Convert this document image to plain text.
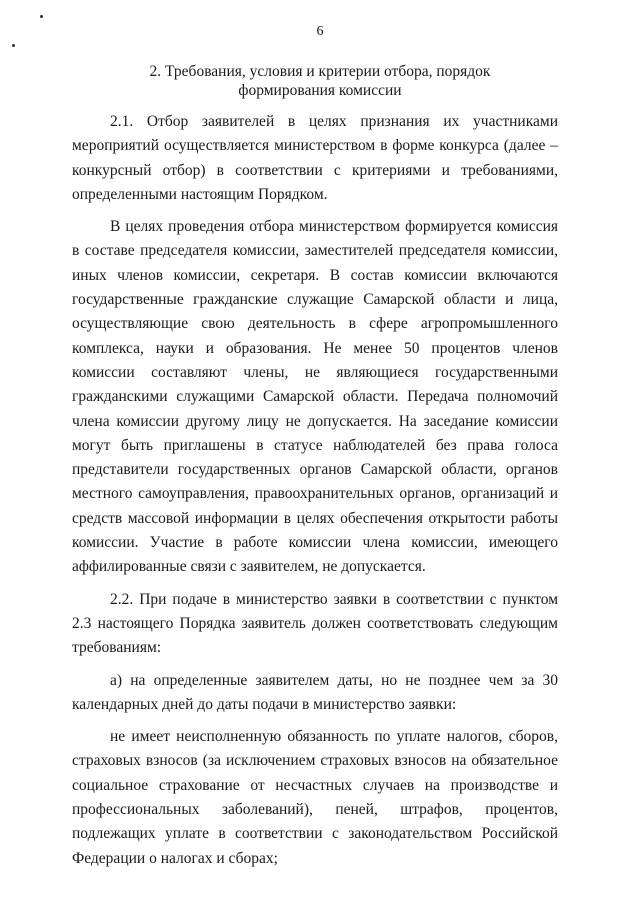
6
2. Требования, условия и критерии отбора, порядок
формирования комиссии

2.1. Отбор заявителей в целях признания их участниками мероприятий осуществляется министерством в форме конкурса (далее – конкурсный отбор) в соответствии с критериями и требованиями, определенными настоящим Порядком.

В целях проведения отбора министерством формируется комиссия в составе председателя комиссии, заместителей председателя комиссии, иных членов комиссии, секретаря. В состав комиссии включаются государственные гражданские служащие Самарской области и лица, осуществляющие свою деятельность в сфере агропромышленного комплекса, науки и образования. Не менее 50 процентов членов комиссии составляют члены, не являющиеся государственными гражданскими служащими Самарской области. Передача полномочий члена комиссии другому лицу не допускается. На заседание комиссии могут быть приглашены в статусе наблюдателей без права голоса представители государственных органов Самарской области, органов местного самоуправления, правоохранительных органов, организаций и средств массовой информации в целях обеспечения открытости работы комиссии. Участие в работе комиссии члена комиссии, имеющего аффилированные связи с заявителем, не допускается.

2.2. При подаче в министерство заявки в соответствии с пунктом 2.3 настоящего Порядка заявитель должен соответствовать следующим требованиям:

а) на определенные заявителем даты, но не позднее чем за 30 календарных дней до даты подачи в министерство заявки:

не имеет неисполненную обязанность по уплате налогов, сборов, страховых взносов (за исключением страховых взносов на обязательное социальное страхование от несчастных случаев на производстве и профессиональных заболеваний), пеней, штрафов, процентов, подлежащих уплате в соответствии с законодательством Российской Федерации о налогах и сборах;
